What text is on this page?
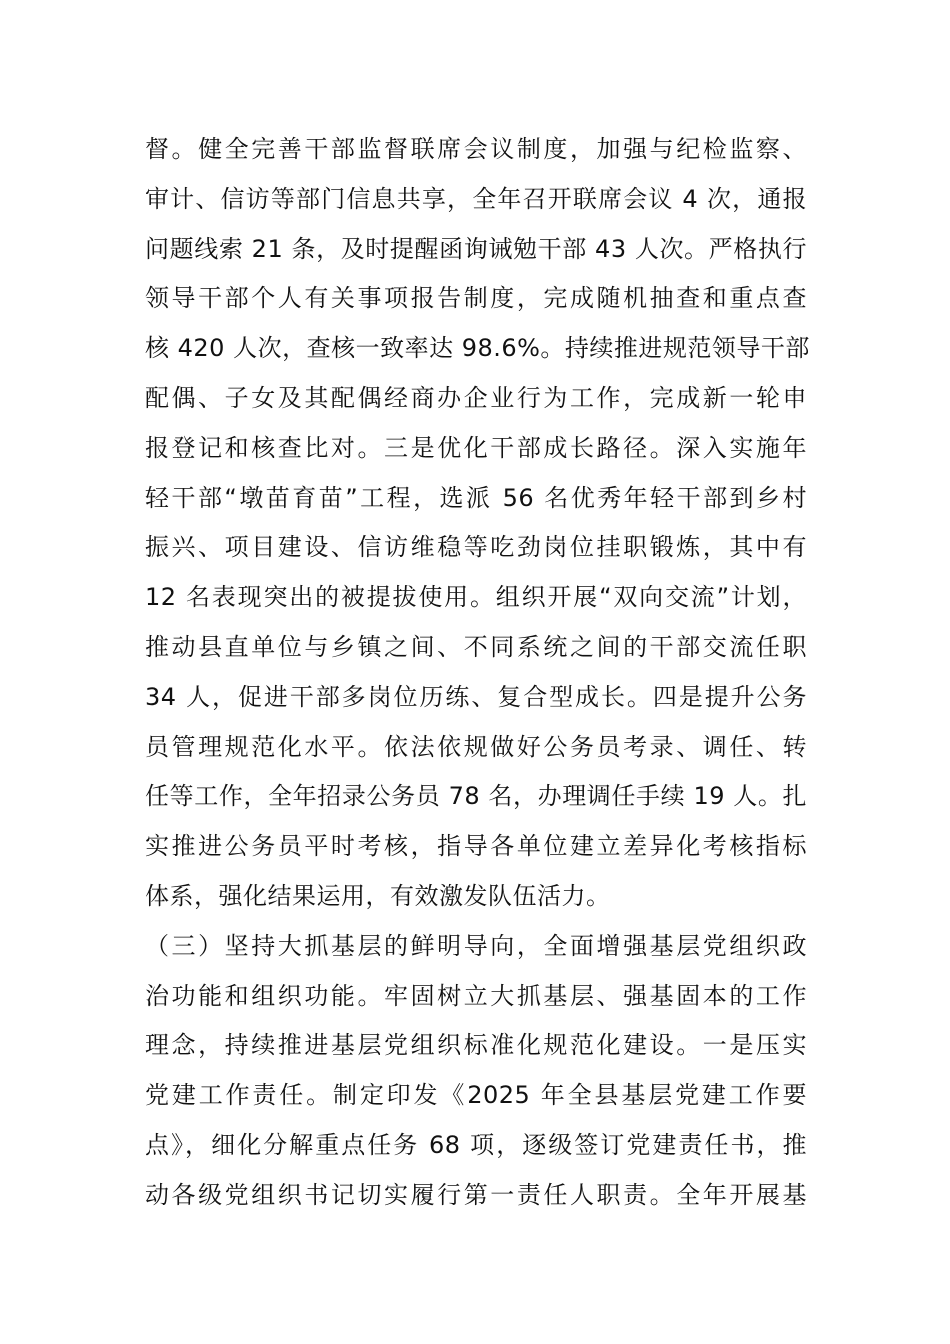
督。健全完善干部监督联席会议制度，加强与纪检监察、
审计、信访等部门信息共享，全年召开联席会议 4 次，通报
问题线索 21 条，及时提醒函询诫勉干部 43 人次。严格执行
领导干部个人有关事项报告制度，完成随机抽查和重点查
核 420 人次，查核一致率达 98.6%。持续推进规范领导干部
配偶、子女及其配偶经商办企业行为工作，完成新一轮申
报登记和核查比对。三是优化干部成长路径。深入实施年
轻干部“墩苗育苗”工程，选派 56 名优秀年轻干部到乡村
振兴、项目建设、信访维稳等吃劲岗位挂职锻炼，其中有
12 名表现突出的被提拔使用。组织开展“双向交流”计划，
推动县直单位与乡镇之间、不同系统之间的干部交流任职
34 人，促进干部多岗位历练、复合型成长。四是提升公务
员管理规范化水平。依法依规做好公务员考录、调任、转
任等工作，全年招录公务员 78 名，办理调任手续 19 人。扎
实推进公务员平时考核，指导各单位建立差异化考核指标
体系，强化结果运用，有效激发队伍活力。
（三）坚持大抓基层的鲜明导向，全面增强基层党组织政
治功能和组织功能。牢固树立大抓基层、强基固本的工作
理念，持续推进基层党组织标准化规范化建设。一是压实
党建工作责任。制定印发《2025 年全县基层党建工作要
点》，细化分解重点任务 68 项，逐级签订党建责任书，推
动各级党组织书记切实履行第一责任人职责。全年开展基
